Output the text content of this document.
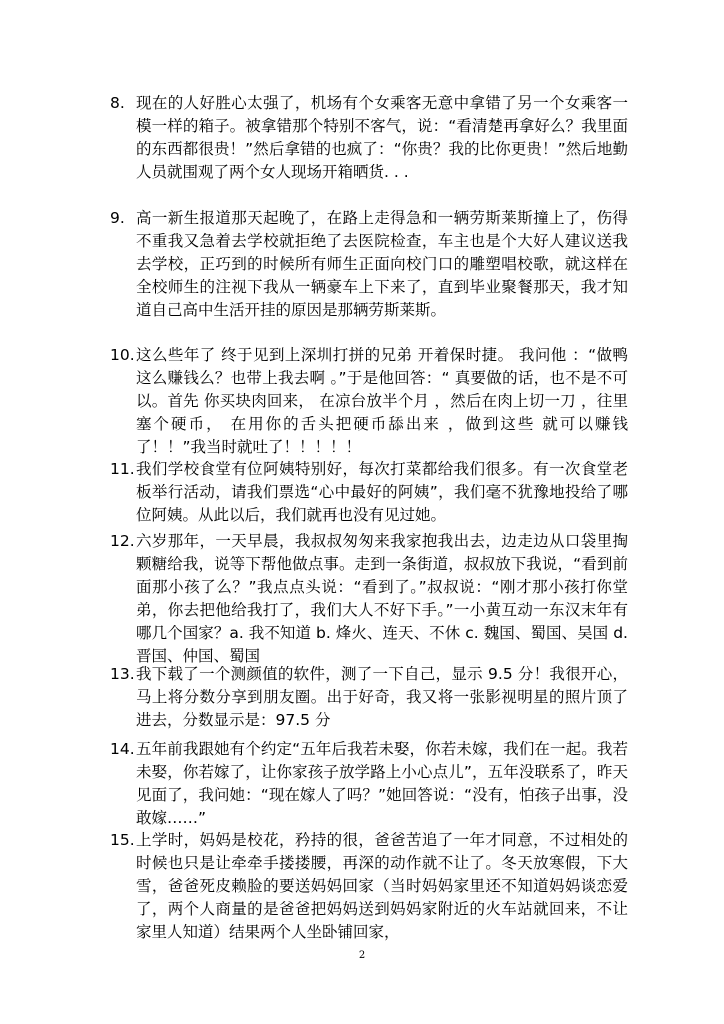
8. 现在的人好胜心太强了，机场有个女乘客无意中拿错了另一个女乘客一模一样的箱子。被拿错那个特别不客气，说：“看清楚再拿好么？我里面的东西都很贵！”然后拿错的也疯了：“你贵？我的比你更贵！”然后地勤人员就围观了两个女人现场开箱晒货. . .
9. 高一新生报道那天起晚了，在路上走得急和一辆劳斯莱斯撞上了，伤得不重我又急着去学校就拒绝了去医院检查，车主也是个大好人建议送我去学校，正巧到的时候所有师生正面向校门口的雕塑唱校歌，就这样在全校师生的注视下我从一辆豪车上下来了，直到毕业聚餐那天，我才知道自己高中生活开挂的原因是那辆劳斯莱斯。
10. 这么些年了 终于见到上深圳打拼的兄弟 开着保时捷。 我问他 ：“做鸭这么赚钱么？也带上我去啊 。”于是他回答：“ 真要做的话，也不是不可以。首先 你买块肉回来， 在凉台放半个月 ，然后在肉上切一刀 ，往里塞个硬币， 在用你的舌头把硬币舔出来 ，做到这些 就可以赚钱了！！”我当时就吐了！！！！！
11. 我们学校食堂有位阿姨特别好，每次打菜都给我们很多。有一次食堂老板举行活动，请我们票选“心中最好的阿姨”，我们毫不犹豫地投给了哪位阿姨。从此以后，我们就再也没有见过她。
12. 六岁那年，一天早晨，我叔叔匆匆来我家抱我出去，边走边从口袋里掏颗糖给我，说等下帮他做点事。走到一条街道，叔叔放下我说，“看到前面那小孩了么？”我点点头说：“看到了。”叔叔说：“刚才那小孩打你堂弟，你去把他给我打了，我们大人不好下手。”一小黄互动一东汉末年有哪几个国家？a. 我不知道 b. 烽火、连天、不休 c. 魏国、蜀国、吴国 d. 晋国、仲国、蜀国
13. 我下载了一个测颜值的软件，测了一下自己，显示 9.5 分！我很开心，马上将分数分享到朋友圈。出于好奇，我又将一张影视明星的照片顶了进去，分数显示是：97.5 分
14. 五年前我跟她有个约定“五年后我若未娶，你若未嫁，我们在一起。我若未娶，你若嫁了，让你家孩子放学路上小心点儿”，五年没联系了，昨天见面了，我问她：“现在嫁人了吗？”她回答说：“没有，怕孩子出事，没敢嫁……”
15. 上学时，妈妈是校花，矜持的很，爸爸苦追了一年才同意，不过相处的时候也只是让牵牵手搂搂腰，再深的动作就不让了。冬天放寒假，下大雪，爸爸死皮赖脸的要送妈妈回家（当时妈妈家里还不知道妈妈谈恋爱了，两个人商量的是爸爸把妈妈送到妈妈家附近的火车站就回来，不让家里人知道）结果两个人坐卧铺回家，
2
